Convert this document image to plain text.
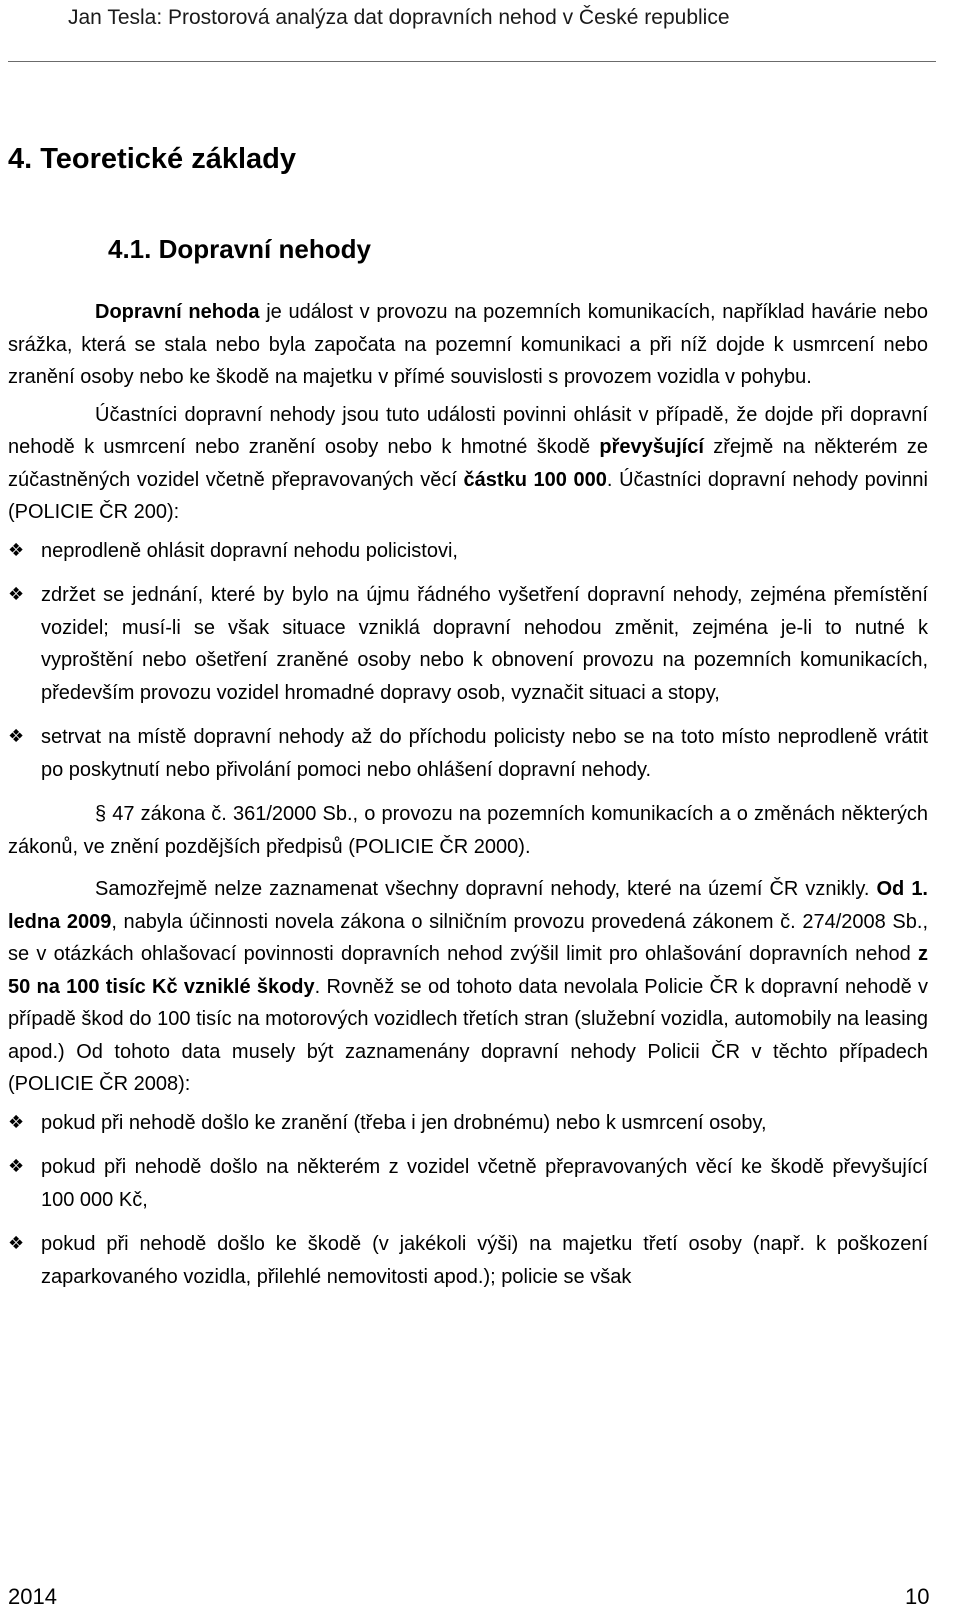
Jan Tesla: Prostorová analýza dat dopravních nehod v České republice
4. Teoretické základy
4.1. Dopravní nehody

Dopravní nehoda je událost v provozu na pozemních komunikacích, například havárie nebo srážka, která se stala nebo byla započata na pozemní komunikaci a při níž dojde k usmrcení nebo zranění osoby nebo ke škodě na majetku v přímé souvislosti s provozem vozidla v pohybu.

Účastníci dopravní nehody jsou tuto události povinni ohlásit v případě, že dojde při dopravní nehodě k usmrcení nebo zranění osoby nebo k hmotné škodě převyšující zřejmě na některém ze zúčastněných vozidel včetně přepravovaných věcí částku 100 000. Účastníci dopravní nehody povinni (POLICIE ČR 200):

❖ neprodleně ohlásit dopravní nehodu policistovi,
❖ zdržet se jednání, které by bylo na újmu řádného vyšetření dopravní nehody, zejména přemístění vozidel; musí-li se však situace vzniklá dopravní nehodou změnit, zejména je-li to nutné k vyproštění nebo ošetření zraněné osoby nebo k obnovení provozu na pozemních komunikacích, především provozu vozidel hromadné dopravy osob, vyznačit situaci a stopy,
❖ setrvat na místě dopravní nehody až do příchodu policisty nebo se na toto místo neprodleně vrátit po poskytnutí nebo přivolání pomoci nebo ohlášení dopravní nehody.

§ 47 zákona č. 361/2000 Sb., o provozu na pozemních komunikacích a o změnách některých zákonů, ve znění pozdějších předpisů (POLICIE ČR 2000).

Samozřejmě nelze zaznamenat všechny dopravní nehody, které na území ČR vznikly. Od 1. ledna 2009, nabyla účinnosti novela zákona o silničním provozu provedená zákonem č. 274/2008 Sb., se v otázkách ohlašovací povinnosti dopravních nehod zvýšil limit pro ohlašování dopravních nehod z 50 na 100 tisíc Kč vzniklé škody. Rovněž se od tohoto data nevolala Policie ČR k dopravní nehodě v případě škod do 100 tisíc na motorových vozidlech třetích stran (služební vozidla, automobily na leasing apod.) Od tohoto data musely být zaznamenány dopravní nehody Policii ČR v těchto případech (POLICIE ČR 2008):

❖ pokud při nehodě došlo ke zranění (třeba i jen drobnému) nebo k usmrcení osoby,
❖ pokud při nehodě došlo na některém z vozidel včetně přepravovaných věcí ke škodě převyšující 100 000 Kč,
❖ pokud při nehodě došlo ke škodě (v jakékoli výši) na majetku třetí osoby (např. k poškození zaparkovaného vozidla, přilehlé nemovitosti apod.); policie se však
2014	10
